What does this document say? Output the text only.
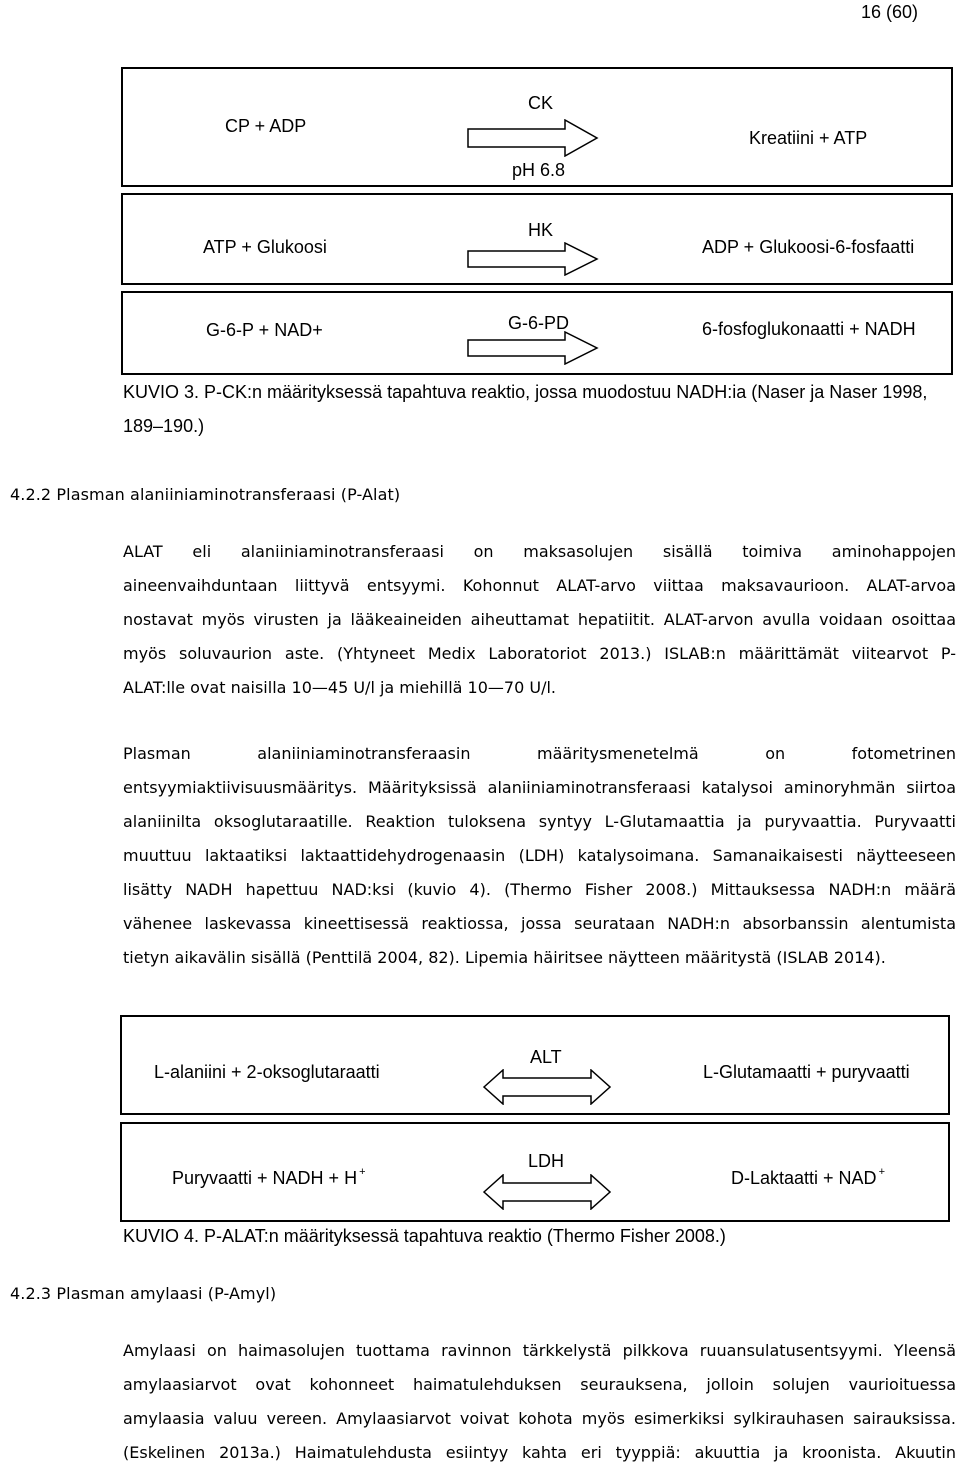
16 (60)
CP + ADP
CK
pH 6.8
Kreatiini + ATP
ATP + Glukoosi
HK
ADP + Glukoosi-6-fosfaatti
G-6-P + NAD+	G-6-PD	6-fosfoglukonaatti + NADH
KUVIO 3. P-CK:n määrityksessä tapahtuva reaktio, jossa muodostuu NADH:ia (Naser ja Naser 1998,
189–190.)
4.2.2 Plasman alaniiniaminotransferaasi (P-Alat)
ALAT eli alaniiniaminotransferaasi on maksasolujen sisällä toimiva aminohappojen
aineenvaihduntaan liittyvä entsyymi. Kohonnut ALAT-arvo viittaa maksavaurioon. ALAT-arvoa
nostavat myös virusten ja lääkeaineiden aiheuttamat hepatiitit. ALAT-arvon avulla voidaan osoittaa
myös soluvaurion aste. (Yhtyneet Medix Laboratoriot 2013.) ISLAB:n määrittämät viitearvot P-
ALAT:lle ovat naisilla 10—45 U/l ja miehillä 10—70 U/l.
Plasman alaniiniaminotransferaasin määritysmenetelmä on fotometrinen
entsyymiaktiivisuusmääritys. Määrityksissä alaniiniaminotransferaasi katalysoi aminoryhmän siirtoa
alaniinilta oksoglutaraatille. Reaktion tuloksena syntyy L-Glutamaattia ja puryvaattia. Puryvaatti
muuttuu laktaatiksi laktaattidehydrogenaasin (LDH) katalysoimana. Samanaikaisesti näytteeseen
lisätty NADH hapettuu NAD:ksi (kuvio 4). (Thermo Fisher 2008.) Mittauksessa NADH:n määrä
vähenee laskevassa kineettisessä reaktiossa, jossa seurataan NADH:n absorbanssin alentumista
tietyn aikavälin sisällä (Penttilä 2004, 82). Lipemia häiritsee näytteen määritystä (ISLAB 2014).
L-alaniini + 2-oksoglutaraatti
ALT
L-Glutamaatti + puryvaatti
Puryvaatti + NADH + H +
LDH
D-Laktaatti + NAD +
KUVIO 4. P-ALAT:n määrityksessä tapahtuva reaktio (Thermo Fisher 2008.)
4.2.3 Plasman amylaasi (P-Amyl)
Amylaasi on haimasolujen tuottama ravinnon tärkkelystä pilkkova ruuansulatusentsyymi. Yleensä
amylaasiarvot ovat kohonneet haimatulehduksen seurauksena, jolloin solujen vaurioituessa
amylaasia valuu vereen. Amylaasiarvot voivat kohota myös esimerkiksi sylkirauhasen sairauksissa.
(Eskelinen 2013a.) Haimatulehdusta esiintyy kahta eri tyyppiä: akuuttia ja kroonista. Akuutin
